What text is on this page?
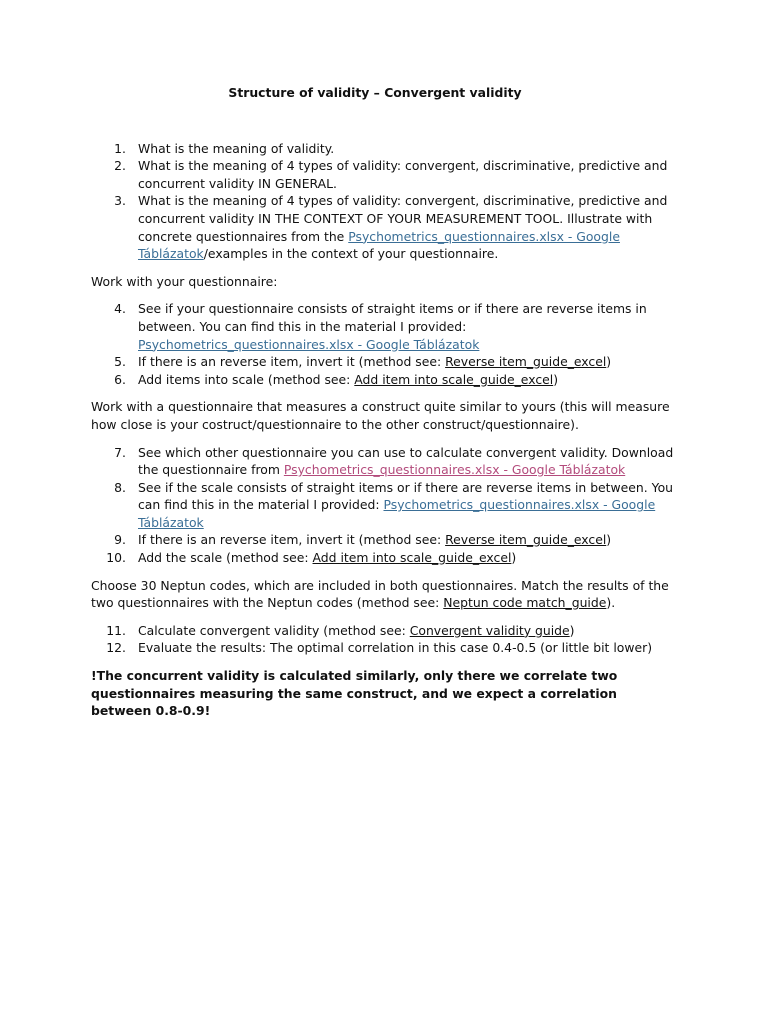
Structure of validity – Convergent validity
1. What is the meaning of validity.
2. What is the meaning of 4 types of validity: convergent, discriminative, predictive and concurrent validity IN GENERAL.
3. What is the meaning of 4 types of validity: convergent, discriminative, predictive and concurrent validity IN THE CONTEXT OF YOUR MEASUREMENT TOOL. Illustrate with concrete questionnaires from the Psychometrics_questionnaires.xlsx - Google Táblázatok/examples in the context of your questionnaire.

Work with your questionnaire:

4. See if your questionnaire consists of straight items or if there are reverse items in between. You can find this in the material I provided: Psychometrics_questionnaires.xlsx - Google Táblázatok
5. If there is an reverse item, invert it (method see: Reverse item_guide_excel)
6. Add items into scale (method see: Add item into scale_guide_excel)

Work with a questionnaire that measures a construct quite similar to yours (this will measure how close is your costruct/questionnaire to the other construct/questionnaire).

7. See which other questionnaire you can use to calculate convergent validity. Download the questionnaire from Psychometrics_questionnaires.xlsx - Google Táblázatok
8. See if the scale consists of straight items or if there are reverse items in between. You can find this in the material I provided: Psychometrics_questionnaires.xlsx - Google Táblázatok
9. If there is an reverse item, invert it (method see: Reverse item_guide_excel)
10. Add the scale (method see: Add item into scale_guide_excel)

Choose 30 Neptun codes, which are included in both questionnaires. Match the results of the two questionnaires with the Neptun codes (method see: Neptun code match_guide).

11. Calculate convergent validity (method see: Convergent validity guide)
12. Evaluate the results: The optimal correlation in this case 0.4-0.5 (or little bit lower)

!The concurrent validity is calculated similarly, only there we correlate two questionnaires measuring the same construct, and we expect a correlation between 0.8-0.9!
